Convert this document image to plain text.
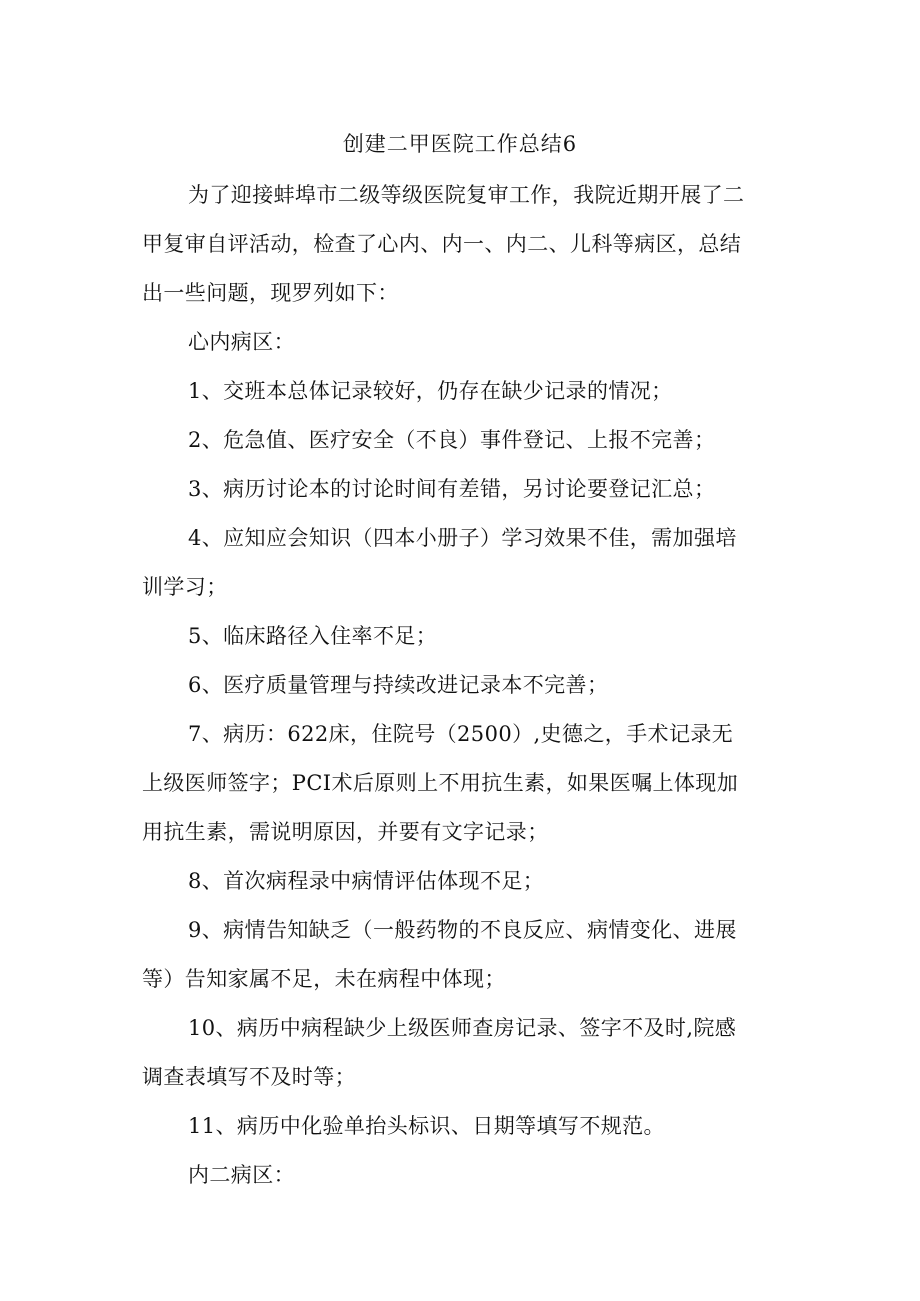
创建二甲医院工作总结6
为了迎接蚌埠市二级等级医院复审工作，我院近期开展了二
甲复审自评活动，检查了心内、内一、内二、儿科等病区，总结
出一些问题，现罗列如下：
心内病区：
1、交班本总体记录较好，仍存在缺少记录的情况；
2、危急值、医疗安全（不良）事件登记、上报不完善；
3、病历讨论本的讨论时间有差错，另讨论要登记汇总；
4、应知应会知识（四本小册子）学习效果不佳，需加强培
训学习；
5、临床路径入住率不足；
6、医疗质量管理与持续改进记录本不完善；
7、病历：622床，住院号（2500）,史德之，手术记录无
上级医师签字；PCI术后原则上不用抗生素，如果医嘱上体现加
用抗生素，需说明原因，并要有文字记录；
8、首次病程录中病情评估体现不足；
9、病情告知缺乏（一般药物的不良反应、病情变化、进展
等）告知家属不足，未在病程中体现；
10、病历中病程缺少上级医师查房记录、签字不及时,院感
调查表填写不及时等；
11、病历中化验单抬头标识、日期等填写不规范。
内二病区：
